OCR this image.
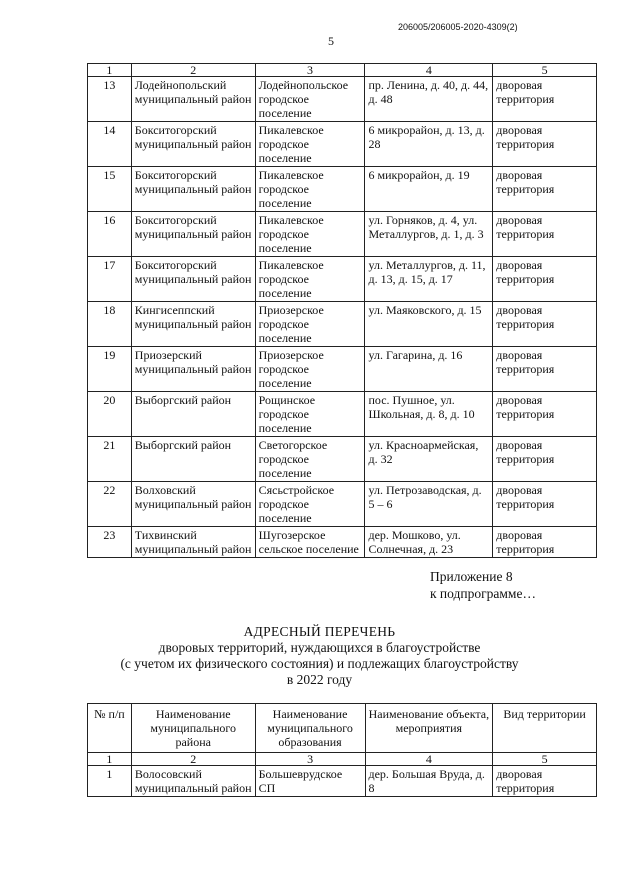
206005/206005-2020-4309(2)
5
1	2	3	4	5
13	Лодейнопольский муниципальный район	Лодейнопольское городское поселение	пр. Ленина, д. 40, д. 44, д. 48	дворовая территория
14	Бокситогорский муниципальный район	Пикалевское городское поселение	6 микрорайон, д. 13, д. 28	дворовая территория
15	Бокситогорский муниципальный район	Пикалевское городское поселение	6 микрорайон, д. 19	дворовая территория
16	Бокситогорский муниципальный район	Пикалевское городское поселение	ул. Горняков, д. 4, ул. Металлургов, д. 1, д. 3	дворовая территория
17	Бокситогорский муниципальный район	Пикалевское городское поселение	ул. Металлургов, д. 11, д. 13, д. 15, д. 17	дворовая территория
18	Кингисеппский муниципальный район	Приозерское городское поселение	ул. Маяковского, д. 15	дворовая территория
19	Приозерский муниципальный район	Приозерское городское поселение	ул. Гагарина, д. 16	дворовая территория
20	Выборгский район	Рощинское городское поселение	пос. Пушное, ул. Школьная, д. 8, д. 10	дворовая территория
21	Выборгский район	Светогорское городское поселение	ул. Красноармейская, д. 32	дворовая территория
22	Волховский муниципальный район	Сясьстройское городское поселение	ул. Петрозаводская, д. 5 – 6	дворовая территория
23	Тихвинский муниципальный район	Шугозерское сельское поселение	дер. Мошково, ул. Солнечная, д. 23	дворовая территория
Приложение 8
к подпрограмме…
АДРЕСНЫЙ ПЕРЕЧЕНЬ
дворовых территорий, нуждающихся в благоустройстве
(с учетом их физического состояния) и подлежащих благоустройству
в 2022 году
№ п/п	Наименование муниципального района	Наименование муниципального образования	Наименование объекта, мероприятия	Вид территории
1	2	3	4	5
1	Волосовский муниципальный район	Большеврудское СП	дер. Большая Вруда, д. 8	дворовая территория
